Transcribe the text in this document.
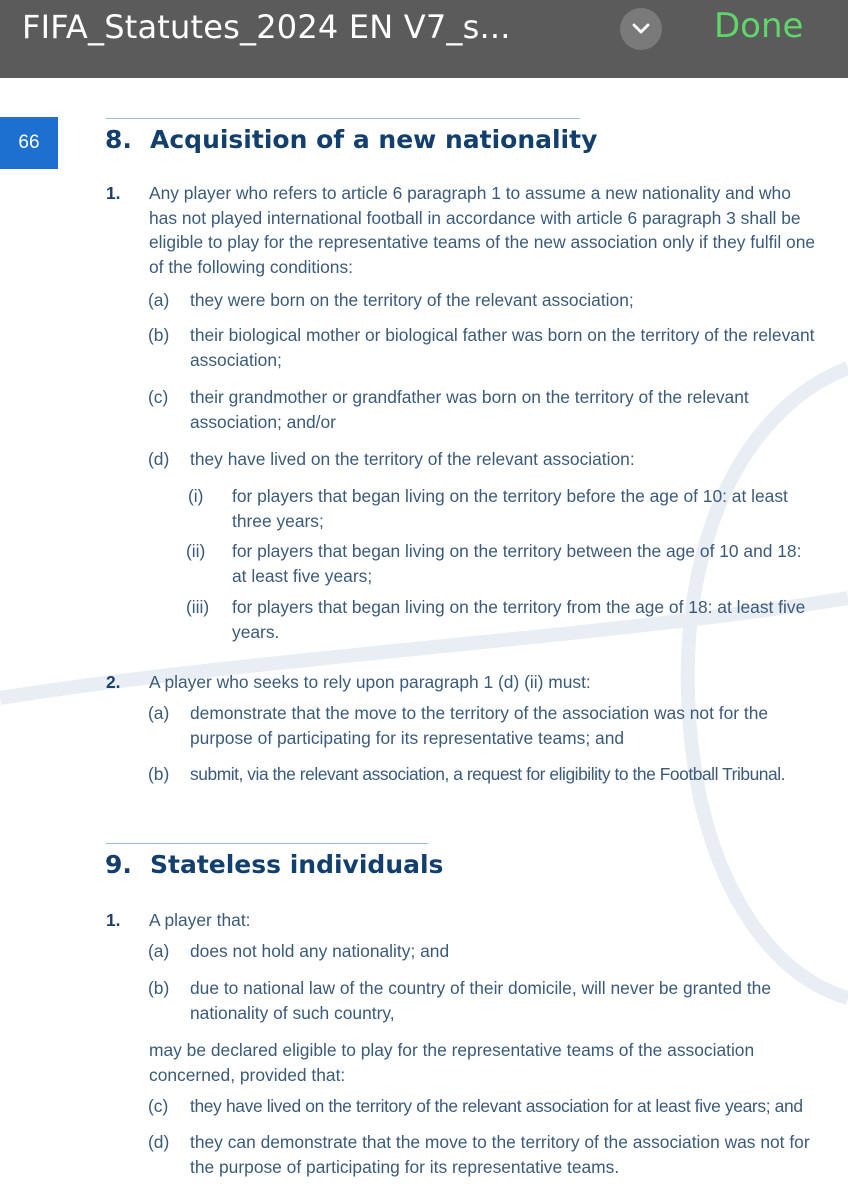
FIFA_Statutes_2024 EN V7_s...	Done
66	8. Acquisition of a new nationality
1. Any player who refers to article 6 paragraph 1 to assume a new nationality and who has not played international football in accordance with article 6 paragraph 3 shall be eligible to play for the representative teams of the new association only if they fulfil one of the following conditions:
(a) they were born on the territory of the relevant association;
(b) their biological mother or biological father was born on the territory of the relevant association;
(c) their grandmother or grandfather was born on the territory of the relevant association; and/or
(d) they have lived on the territory of the relevant association:
(i) for players that began living on the territory before the age of 10: at least three years;
(ii) for players that began living on the territory between the age of 10 and 18: at least five years;
(iii) for players that began living on the territory from the age of 18: at least five years.
2. A player who seeks to rely upon paragraph 1 (d) (ii) must:
(a) demonstrate that the move to the territory of the association was not for the purpose of participating for its representative teams; and
(b) submit, via the relevant association, a request for eligibility to the Football Tribunal.
9. Stateless individuals
1. A player that:
(a) does not hold any nationality; and
(b) due to national law of the country of their domicile, will never be granted the nationality of such country,
may be declared eligible to play for the representative teams of the association concerned, provided that:
(c) they have lived on the territory of the relevant association for at least five years; and
(d) they can demonstrate that the move to the territory of the association was not for the purpose of participating for its representative teams.
